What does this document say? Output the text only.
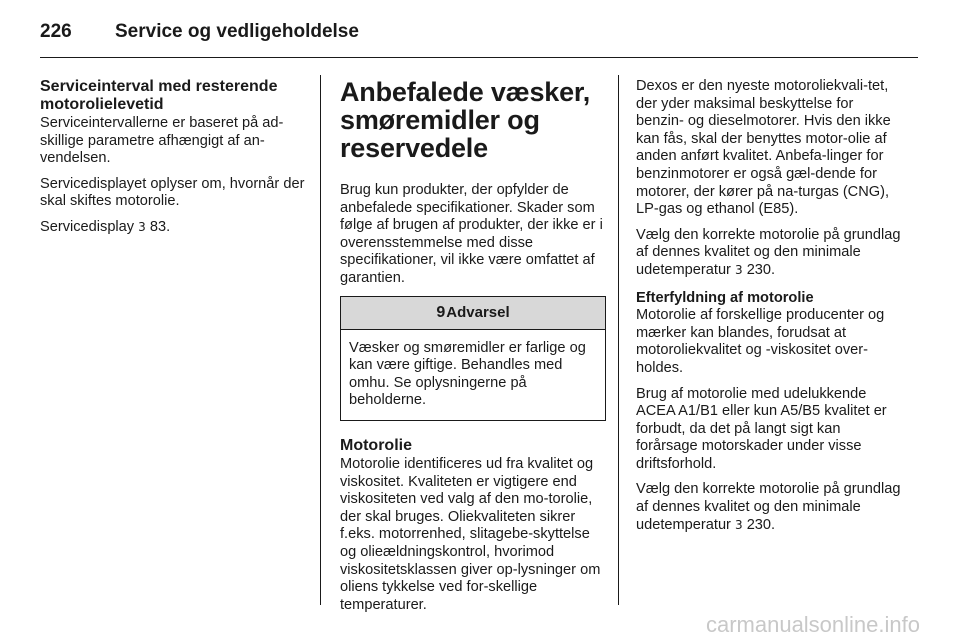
226 Service og vedligeholdelse
Serviceinterval med resterende motorolielevetid

Serviceintervallerne er baseret på ad-skillige parametre afhængigt af an-vendelsen.

Servicedisplayet oplyser om, hvornår der skal skiftes motorolie.

Servicedisplay 3 83.

Anbefalede væsker, smøremidler og reservedele

Brug kun produkter, der opfylder de anbefalede specifikationer. Skader som følge af brugen af produkter, der ikke er i overensstemmelse med disse specifikationer, vil ikke være omfattet af garantien.

9Advarsel

Væsker og smøremidler er farlige og kan være giftige. Behandles med omhu. Se oplysningerne på beholderne.

Motorolie

Motorolie identificeres ud fra kvalitet og viskositet. Kvaliteten er vigtigere end viskositeten ved valg af den mo-torolie, der skal bruges. Oliekvaliteten sikrer f.eks. motorrenhed, slitagebe-skyttelse og olieældningskontrol, hvorimod viskositetsklassen giver op-lysninger om oliens tykkelse ved for-skellige temperaturer.

Dexos er den nyeste motoroliekvali-tet, der yder maksimal beskyttelse for benzin- og dieselmotorer. Hvis den ikke kan fås, skal der benyttes motor-olie af anden anført kvalitet. Anbefa-linger for benzinmotorer er også gæl-dende for motorer, der kører på na-turgas (CNG), LP-gas og ethanol (E85).

Vælg den korrekte motorolie på grundlag af dennes kvalitet og den minimale udetemperatur 3 230.

Efterfyldning af motorolie

Motorolie af forskellige producenter og mærker kan blandes, forudsat at motoroliekvalitet og -viskositet over-holdes.

Brug af motorolie med udelukkende ACEA A1/B1 eller kun A5/B5 kvalitet er forbudt, da det på langt sigt kan forårsage motorskader under visse driftsforhold.

Vælg den korrekte motorolie på grundlag af dennes kvalitet og den minimale udetemperatur 3 230.

carmanualsonline.info
